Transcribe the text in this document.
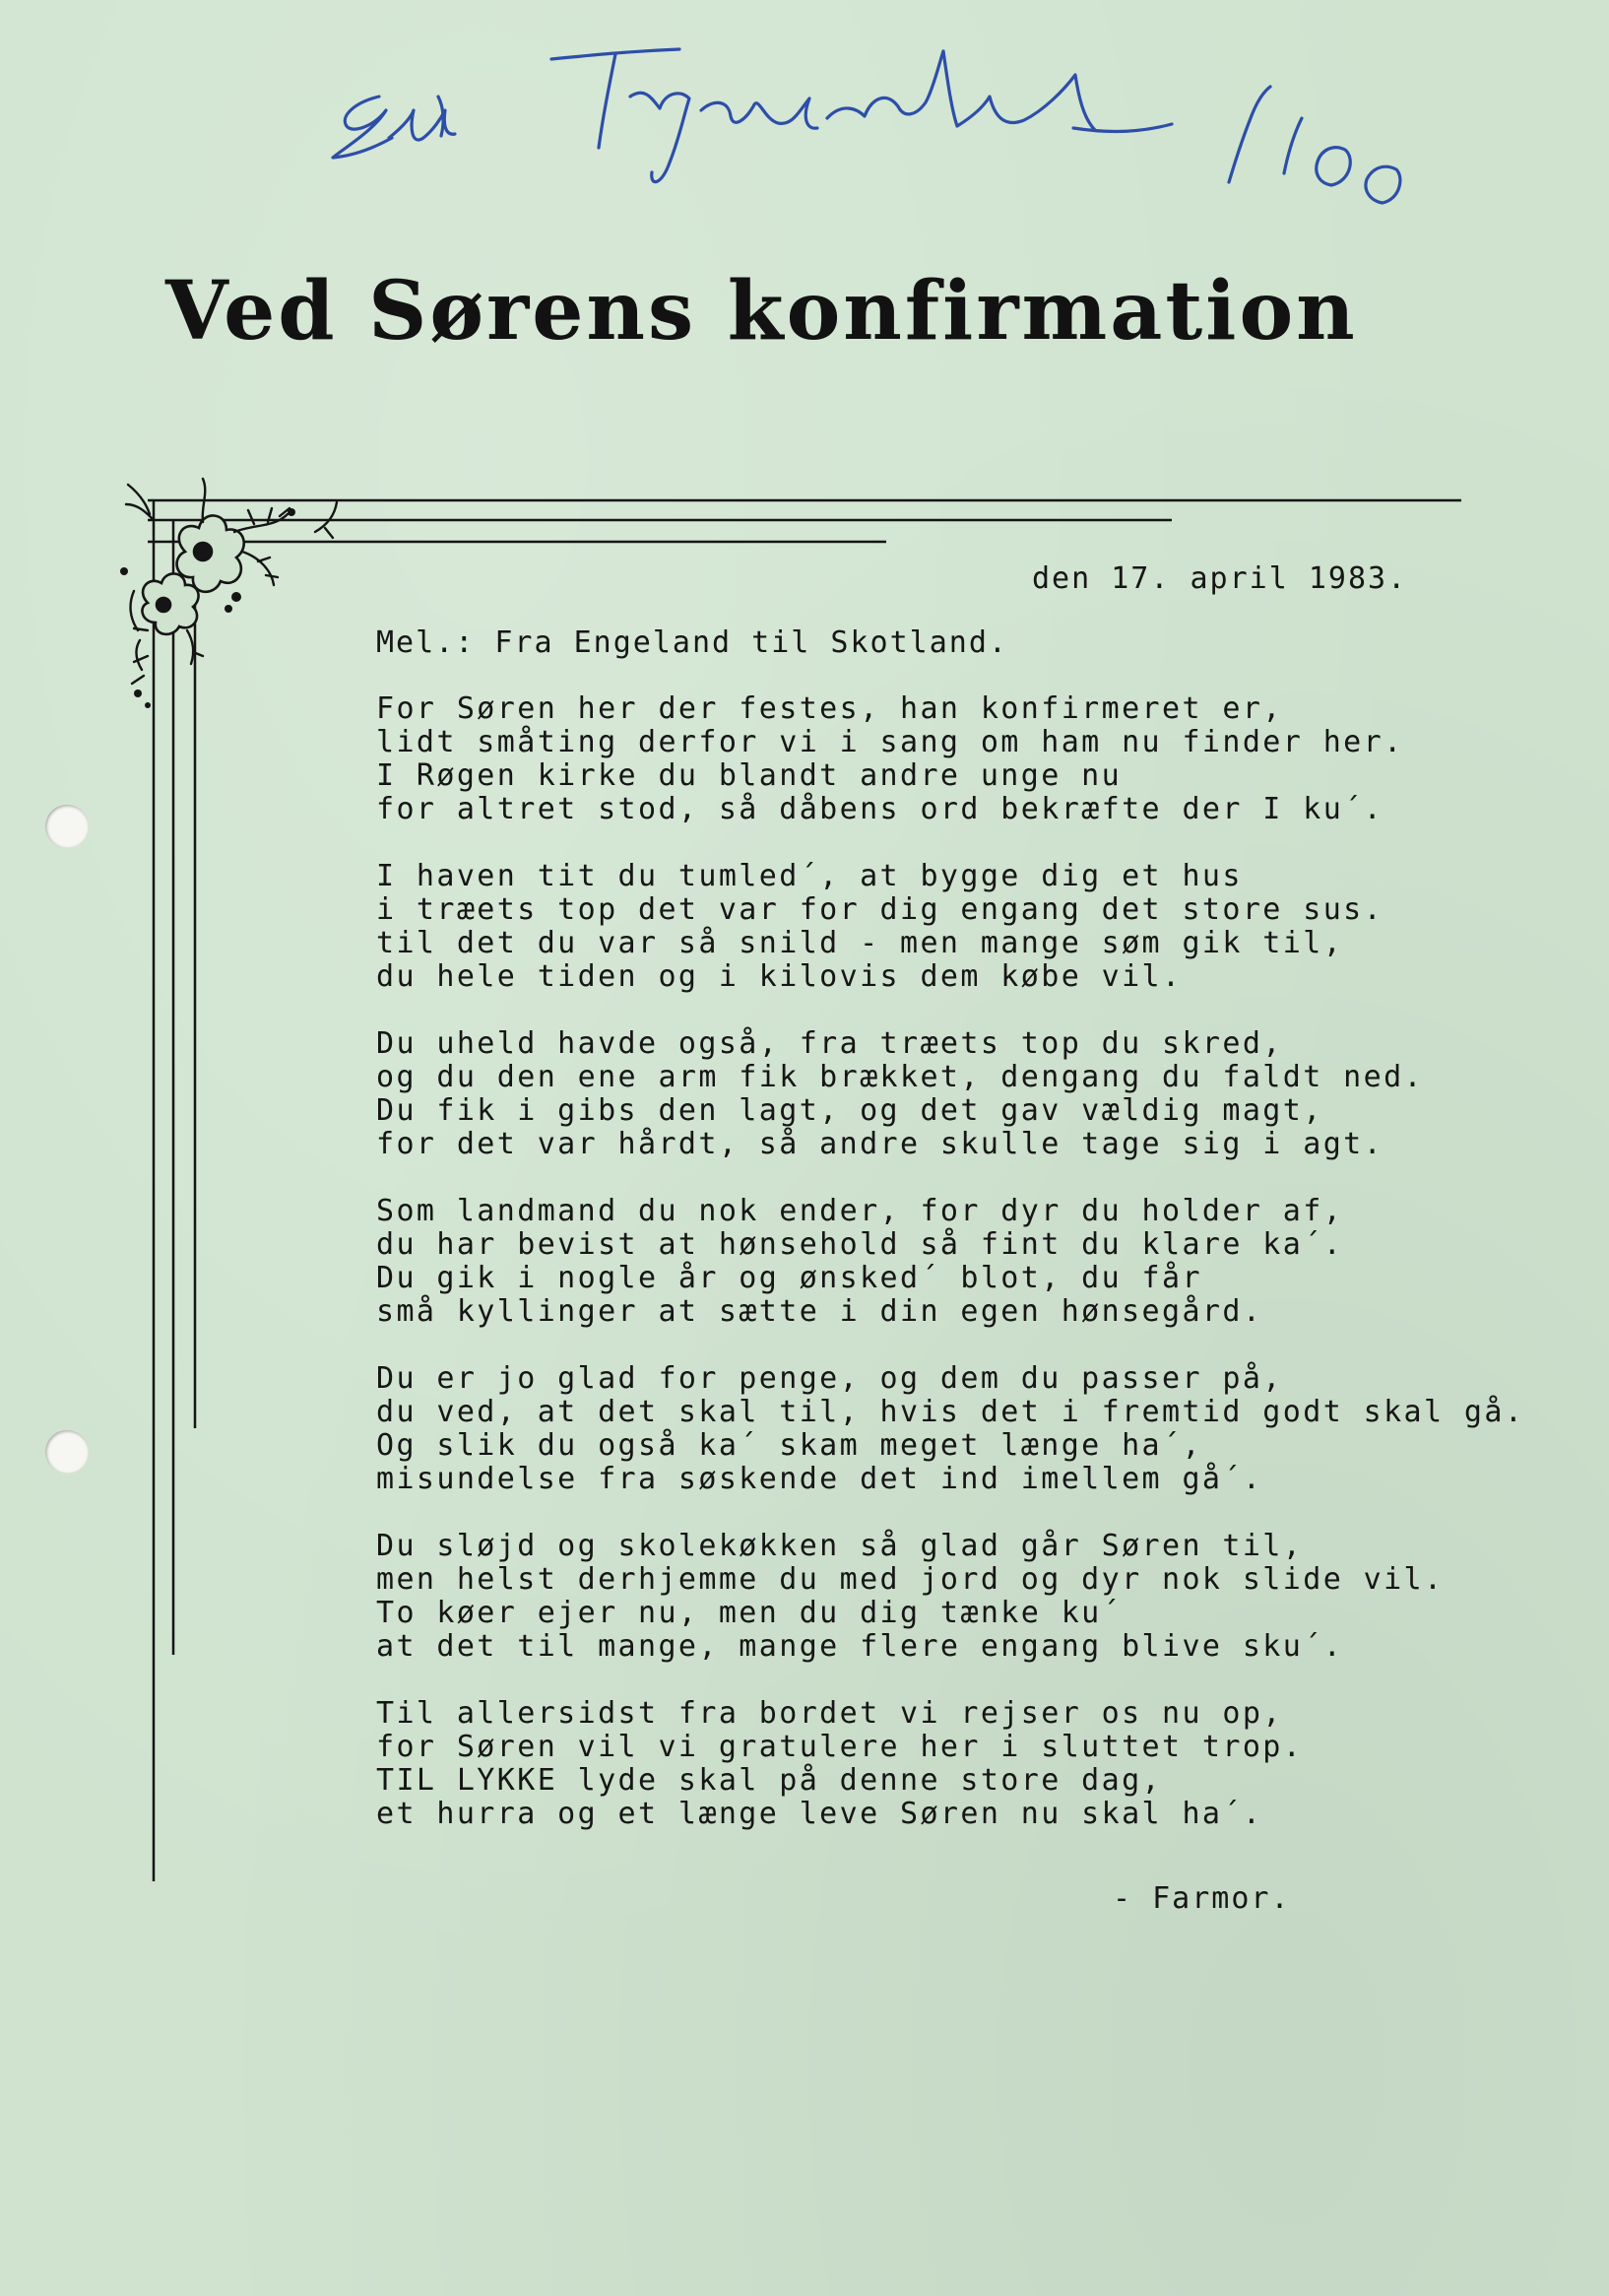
Ved Sørens konfirmation
den 17. april 1983.
Mel.: Fra Engeland til Skotland.
For Søren her der festes, han konfirmeret er,
lidt småting derfor vi i sang om ham nu finder her.
I Røgen kirke du blandt andre unge nu
for altret stod, så dåbens ord bekræfte der I ku´.
I haven tit du tumled´, at bygge dig et hus
i træets top det var for dig engang det store sus.
til det du var så snild - men mange søm gik til,
du hele tiden og i kilovis dem købe vil.
Du uheld havde også, fra træets top du skred,
og du den ene arm fik brækket, dengang du faldt ned.
Du fik i gibs den lagt, og det gav vældig magt,
for det var hårdt, så andre skulle tage sig i agt.
Som landmand du nok ender, for dyr du holder af,
du har bevist at hønsehold så fint du klare ka´.
Du gik i nogle år og ønsked´ blot, du får
små kyllinger at sætte i din egen hønsegård.
Du er jo glad for penge, og dem du passer på,
du ved, at det skal til, hvis det i fremtid godt skal gå.
Og slik du også ka´ skam meget længe ha´,
misundelse fra søskende det ind imellem gå´.
Du sløjd og skolekøkken så glad går Søren til,
men helst derhjemme du med jord og dyr nok slide vil.
To køer ejer nu, men du dig tænke ku´
at det til mange, mange flere engang blive sku´.
Til allersidst fra bordet vi rejser os nu op,
for Søren vil vi gratulere her i sluttet trop.
TIL LYKKE lyde skal på denne store dag,
et hurra og et længe leve Søren nu skal ha´.
- Farmor.
